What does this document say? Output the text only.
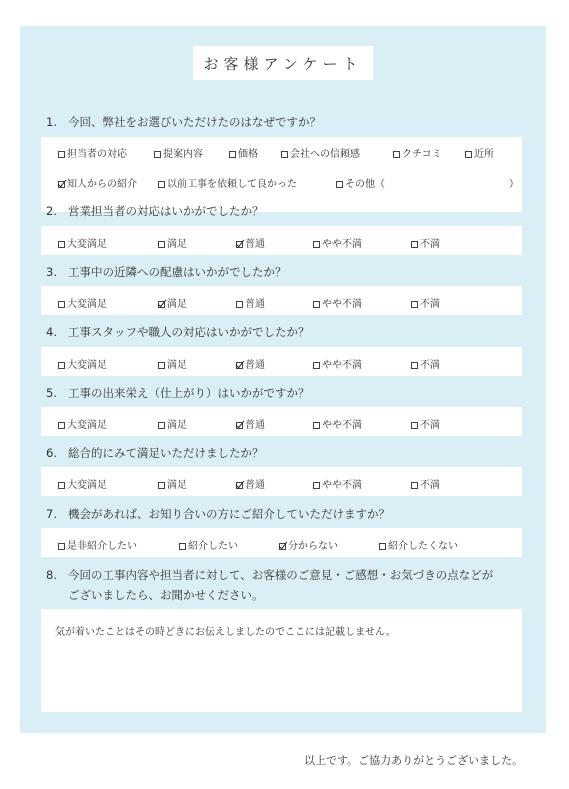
お客様アンケート
1. 今回、弊社をお選びいただけたのはなぜですか？
担当者の対応	提案内容	価格	会社への信頼感	クチコミ	近所
知人からの紹介	以前工事を依頼して良かった	その他（	）
2. 営業担当者の対応はいかがでしたか？
大変満足	満足	普通	やや不満	不満
3. 工事中の近隣への配慮はいかがでしたか？
大変満足	満足	普通	やや不満	不満
4. 工事スタッフや職人の対応はいかがでしたか？
大変満足	満足	普通	やや不満	不満
5. 工事の出来栄え（仕上がり）はいかがですか？
大変満足	満足	普通	やや不満	不満
6. 総合的にみて満足いただけましたか？
大変満足	満足	普通	やや不満	不満
7. 機会があれば、お知り合いの方にご紹介していただけますか？
是非紹介したい	紹介したい	分からない	紹介したくない
8. 今回の工事内容や担当者に対して、お客様のご意見・ご感想・お気づきの点などが
ございましたら、お聞かせください。
気が着いたことはその時どきにお伝えしましたのでここには記載しません。
以上です。ご協力ありがとうございました。
